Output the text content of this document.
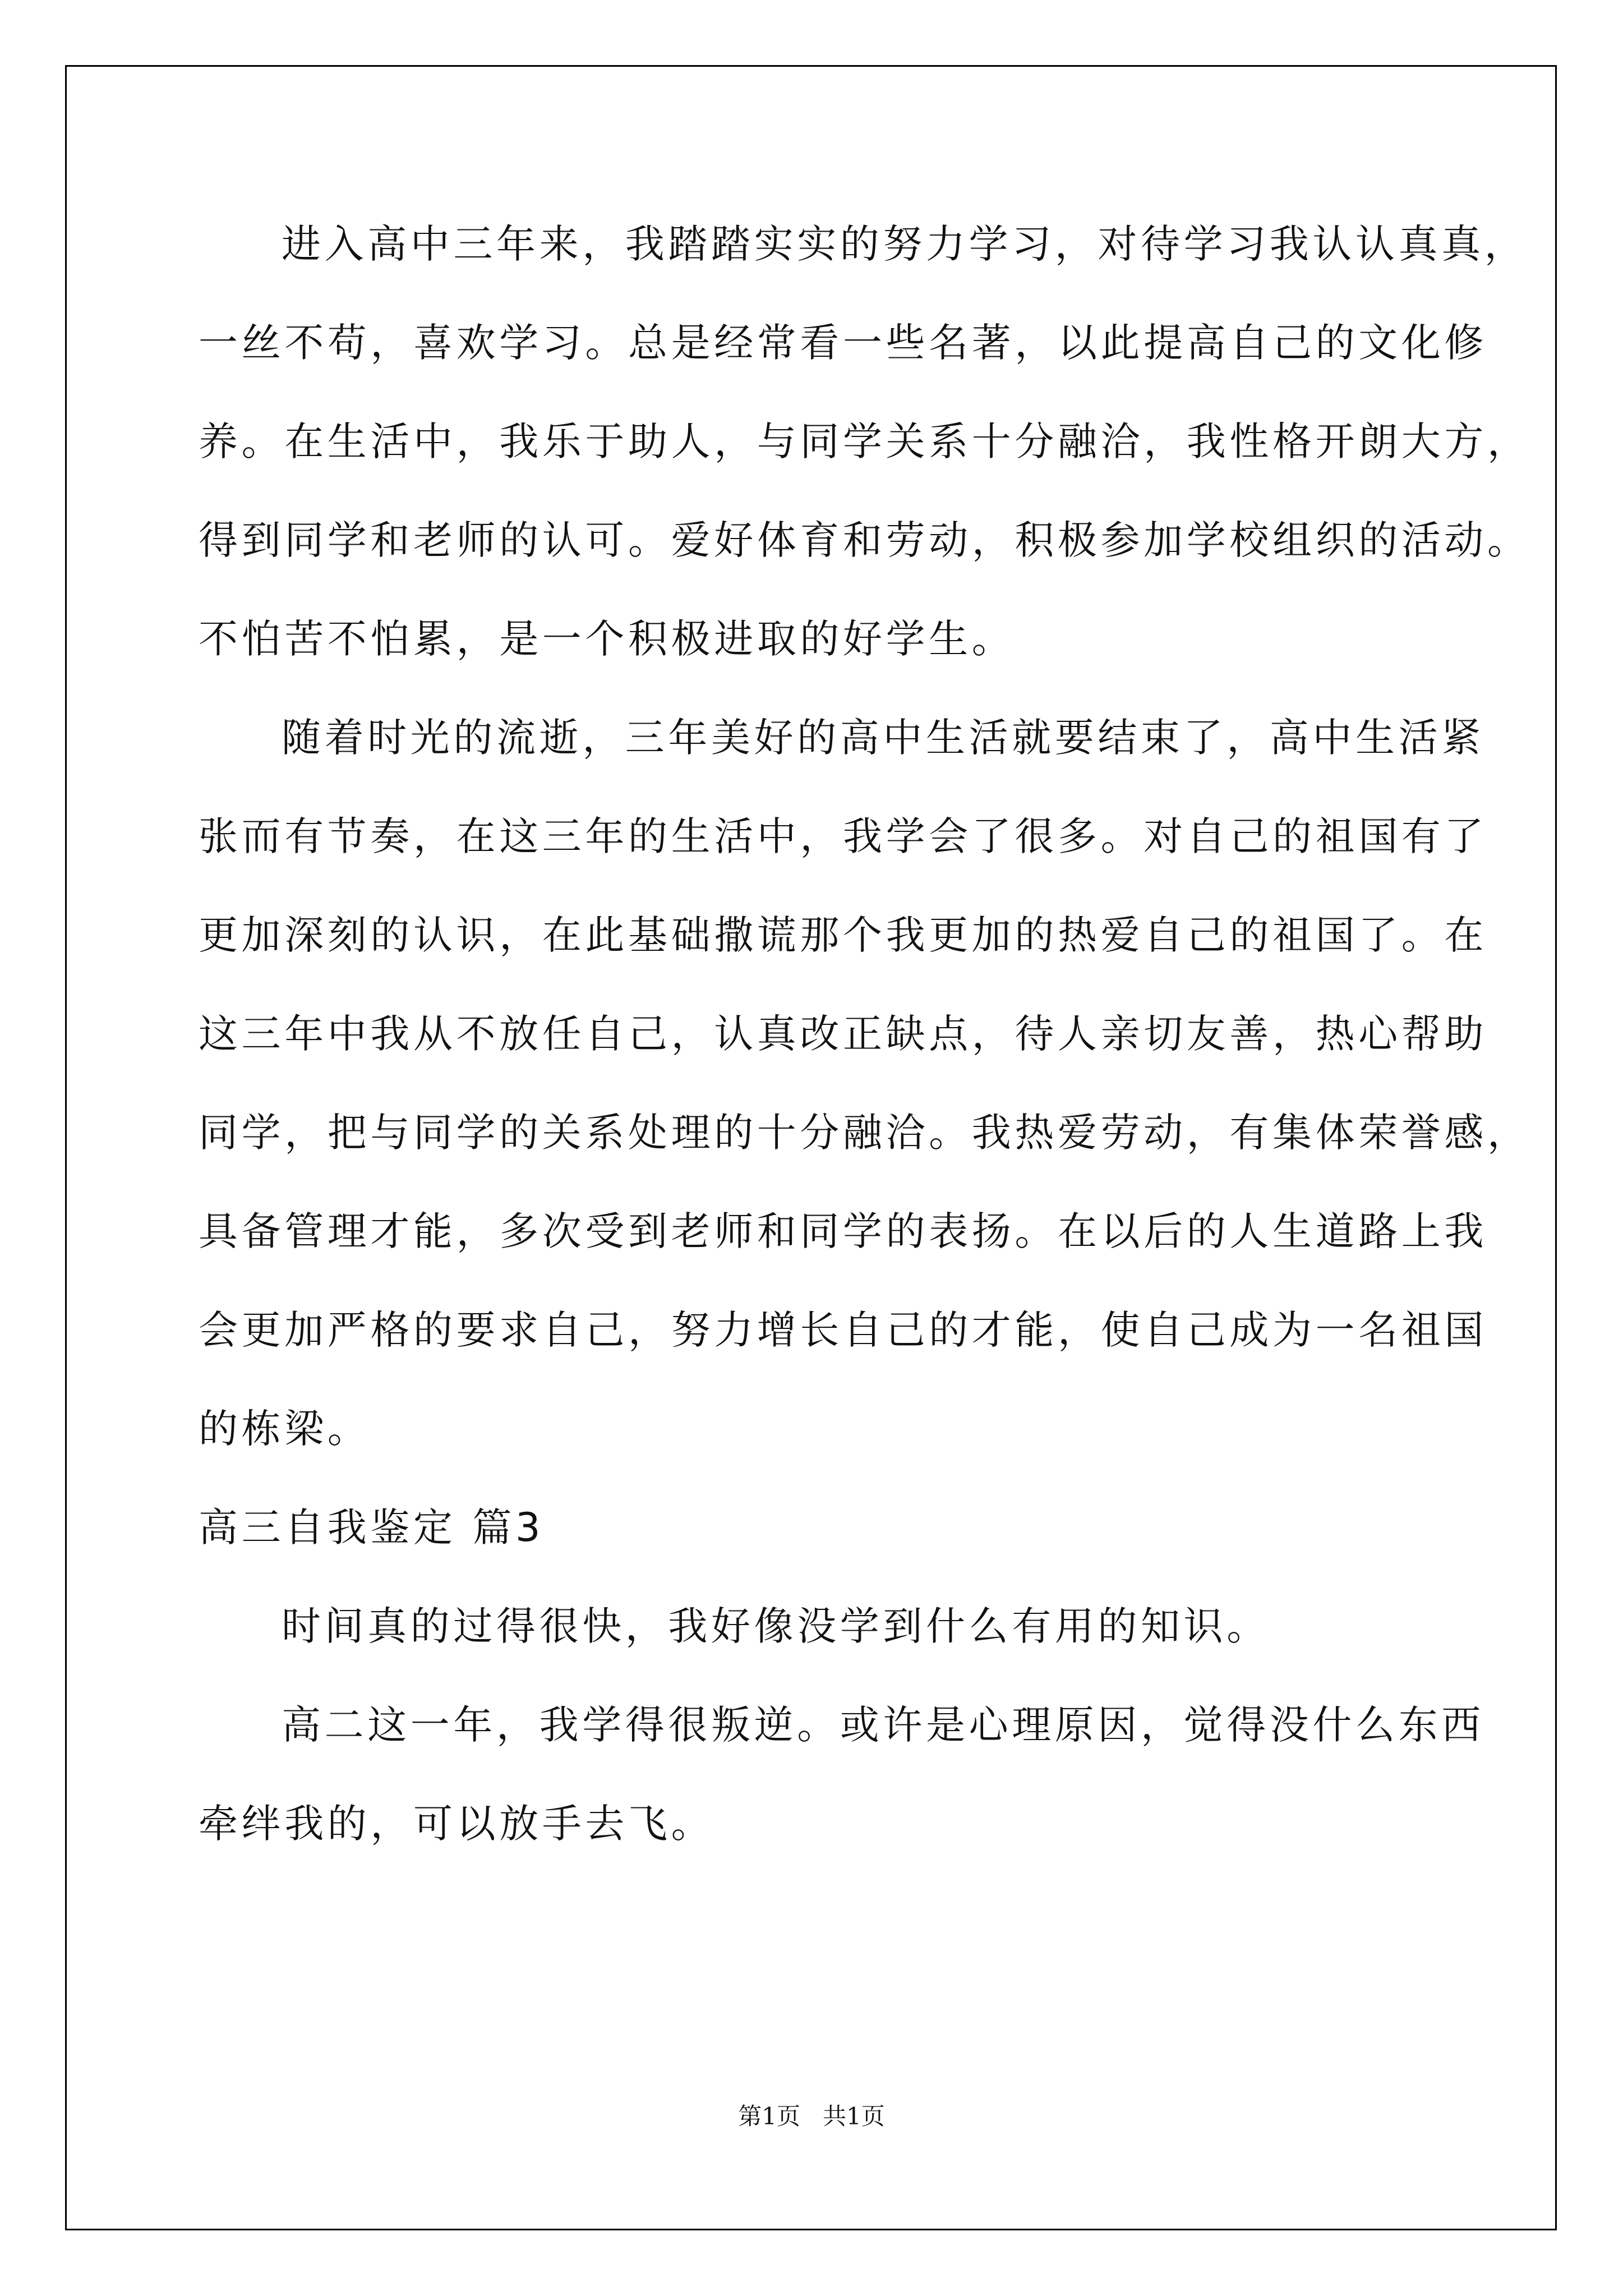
进入高中三年来，我踏踏实实的努力学习，对待学习我认认真真，
一丝不苟，喜欢学习。总是经常看一些名著，以此提高自己的文化修
养。在生活中，我乐于助人，与同学关系十分融洽，我性格开朗大方，
得到同学和老师的认可。爱好体育和劳动，积极参加学校组织的活动。
不怕苦不怕累，是一个积极进取的好学生。
随着时光的流逝，三年美好的高中生活就要结束了，高中生活紧
张而有节奏，在这三年的生活中，我学会了很多。对自己的祖国有了
更加深刻的认识，在此基础撒谎那个我更加的热爱自己的祖国了。在
这三年中我从不放任自己，认真改正缺点，待人亲切友善，热心帮助
同学，把与同学的关系处理的十分融洽。我热爱劳动，有集体荣誉感，
具备管理才能，多次受到老师和同学的表扬。在以后的人生道路上我
会更加严格的要求自己，努力增长自己的才能，使自己成为一名祖国
的栋梁。
高三自我鉴定 篇3
时间真的过得很快，我好像没学到什么有用的知识。
高二这一年，我学得很叛逆。或许是心理原因，觉得没什么东西
牵绊我的，可以放手去飞。
第1页   共1页
